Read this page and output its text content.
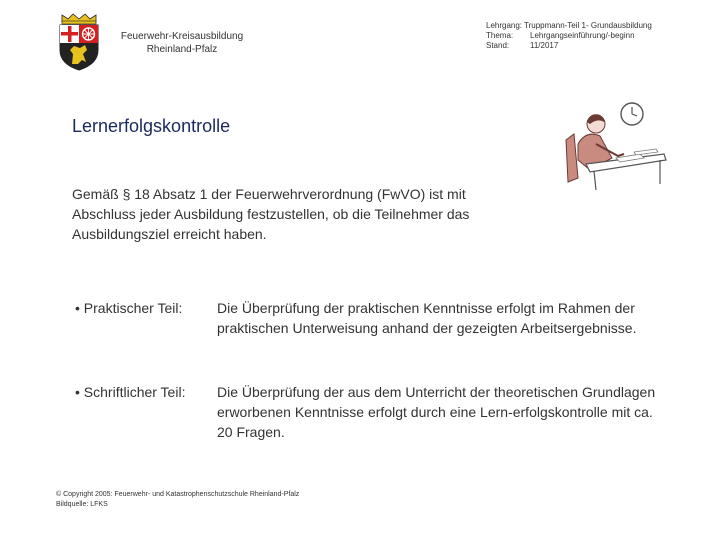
Feuerwehr-Kreisausbildung
Rheinland-Pfalz
Lehrgang: Truppmann-Teil 1- Grundausbildung
Thema:	Lehrgangseinführung/-beginn
Stand:	11/2017
Lernerfolgskontrolle
Gemäß § 18 Absatz 1 der Feuerwehrverordnung (FwVO) ist mit Abschluss jeder Ausbildung festzustellen, ob die Teilnehmer das Ausbildungsziel erreicht haben.
• Praktischer Teil:	Die Überprüfung der praktischen Kenntnisse erfolgt im Rahmen der praktischen Unterweisung anhand der gezeigten Arbeitsergebnisse.
• Schriftlicher Teil:	Die Überprüfung der aus dem Unterricht der theoretischen Grundlagen erworbenen Kenntnisse erfolgt durch eine Lern-erfolgskontrolle mit ca. 20 Fragen.
© Copyright 2005: Feuerwehr- und Katastrophenschutzschule Rheinland-Pfalz
Bildquelle: LFKS
